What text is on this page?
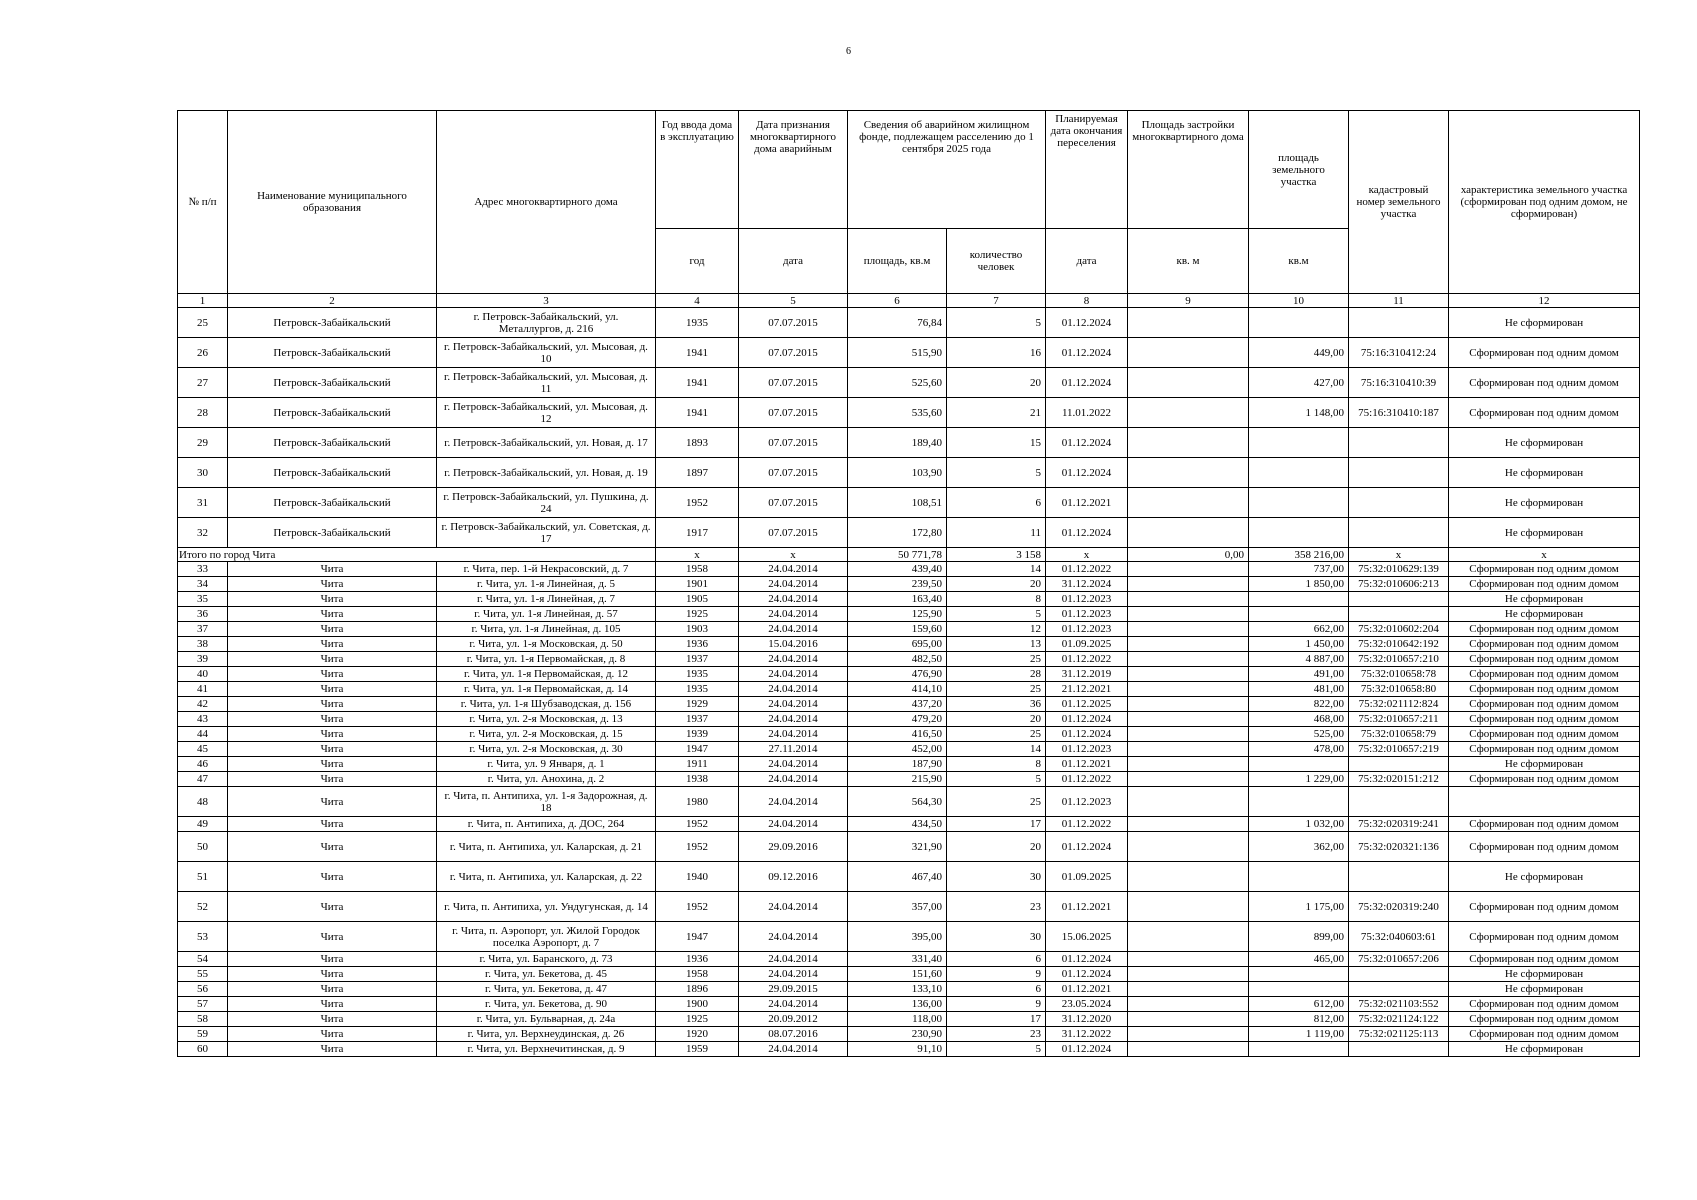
6
№ п/п	Наименование муниципального образования	Адрес многоквартирного дома	Год ввода дома в эксплуатацию	Дата признания многоквартирного дома аварийным	Сведения об аварийном жилищном фонде, подлежащем расселению до 1 сентября 2025 года		Планируемая дата окончания переселения	Площадь застройки многоквартирного дома	площадь земельного участка	кадастровый номер земельного участка	характеристика земельного участка (сформирован под одним домом, не сформирован)
			год	дата	площадь, кв.м	количество человек	дата	кв. м	кв.м		
1	2	3	4	5	6	7	8	9	10	11	12
25	Петровск-Забайкальский	г. Петровск-Забайкальский, ул. Металлургов, д. 216	1935	07.07.2015	76,84	5	01.12.2024				Не сформирован
26	Петровск-Забайкальский	г. Петровск-Забайкальский, ул. Мысовая, д. 10	1941	07.07.2015	515,90	16	01.12.2024		449,00	75:16:310412:24	Сформирован под одним домом
27	Петровск-Забайкальский	г. Петровск-Забайкальский, ул. Мысовая, д. 11	1941	07.07.2015	525,60	20	01.12.2024		427,00	75:16:310410:39	Сформирован под одним домом
28	Петровск-Забайкальский	г. Петровск-Забайкальский, ул. Мысовая, д. 12	1941	07.07.2015	535,60	21	11.01.2022		1 148,00	75:16:310410:187	Сформирован под одним домом
29	Петровск-Забайкальский	г. Петровск-Забайкальский, ул. Новая, д. 17	1893	07.07.2015	189,40	15	01.12.2024				Не сформирован
30	Петровск-Забайкальский	г. Петровск-Забайкальский, ул. Новая, д. 19	1897	07.07.2015	103,90	5	01.12.2024				Не сформирован
31	Петровск-Забайкальский	г. Петровск-Забайкальский, ул. Пушкина, д. 24	1952	07.07.2015	108,51	6	01.12.2021				Не сформирован
32	Петровск-Забайкальский	г. Петровск-Забайкальский, ул. Советская, д. 17	1917	07.07.2015	172,80	11	01.12.2024				Не сформирован
Итого по город Чита			х	х	50 771,78	3 158	х	0,00	358 216,00	х	х
33	Чита	г. Чита, пер. 1-й Некрасовский, д. 7	1958	24.04.2014	439,40	14	01.12.2022		737,00	75:32:010629:139	Сформирован под одним домом
34	Чита	г. Чита, ул. 1-я Линейная, д. 5	1901	24.04.2014	239,50	20	31.12.2024		1 850,00	75:32:010606:213	Сформирован под одним домом
35	Чита	г. Чита, ул. 1-я Линейная, д. 7	1905	24.04.2014	163,40	8	01.12.2023				Не сформирован
36	Чита	г. Чита, ул. 1-я Линейная, д. 57	1925	24.04.2014	125,90	5	01.12.2023				Не сформирован
37	Чита	г. Чита, ул. 1-я Линейная, д. 105	1903	24.04.2014	159,60	12	01.12.2023		662,00	75:32:010602:204	Сформирован под одним домом
38	Чита	г. Чита, ул. 1-я Московская, д. 50	1936	15.04.2016	695,00	13	01.09.2025		1 450,00	75:32:010642:192	Сформирован под одним домом
39	Чита	г. Чита, ул. 1-я Первомайская, д. 8	1937	24.04.2014	482,50	25	01.12.2022		4 887,00	75:32:010657:210	Сформирован под одним домом
40	Чита	г. Чита, ул. 1-я Первомайская, д. 12	1935	24.04.2014	476,90	28	31.12.2019		491,00	75:32:010658:78	Сформирован под одним домом
41	Чита	г. Чита, ул. 1-я Первомайская, д. 14	1935	24.04.2014	414,10	25	21.12.2021		481,00	75:32:010658:80	Сформирован под одним домом
42	Чита	г. Чита, ул. 1-я Шубзаводская, д. 156	1929	24.04.2014	437,20	36	01.12.2025		822,00	75:32:021112:824	Сформирован под одним домом
43	Чита	г. Чита, ул. 2-я Московская, д. 13	1937	24.04.2014	479,20	20	01.12.2024		468,00	75:32:010657:211	Сформирован под одним домом
44	Чита	г. Чита, ул. 2-я Московская, д. 15	1939	24.04.2014	416,50	25	01.12.2024		525,00	75:32:010658:79	Сформирован под одним домом
45	Чита	г. Чита, ул. 2-я Московская, д. 30	1947	27.11.2014	452,00	14	01.12.2023		478,00	75:32:010657:219	Сформирован под одним домом
46	Чита	г. Чита, ул. 9 Января, д. 1	1911	24.04.2014	187,90	8	01.12.2021				Не сформирован
47	Чита	г. Чита, ул. Анохина, д. 2	1938	24.04.2014	215,90	5	01.12.2022		1 229,00	75:32:020151:212	Сформирован под одним домом
48	Чита	г. Чита, п. Антипиха, ул. 1-я Задорожная, д. 18	1980	24.04.2014	564,30	25	01.12.2023				
49	Чита	г. Чита, п. Антипиха, д. ДОС, 264	1952	24.04.2014	434,50	17	01.12.2022		1 032,00	75:32:020319:241	Сформирован под одним домом
50	Чита	г. Чита, п. Антипиха, ул. Каларская, д. 21	1952	29.09.2016	321,90	20	01.12.2024		362,00	75:32:020321:136	Сформирован под одним домом
51	Чита	г. Чита, п. Антипиха, ул. Каларская, д. 22	1940	09.12.2016	467,40	30	01.09.2025				Не сформирован
52	Чита	г. Чита, п. Антипиха, ул. Ундугунская, д. 14	1952	24.04.2014	357,00	23	01.12.2021		1 175,00	75:32:020319:240	Сформирован под одним домом
53	Чита	г. Чита, п. Аэропорт, ул. Жилой Городок поселка Аэропорт, д. 7	1947	24.04.2014	395,00	30	15.06.2025		899,00	75:32:040603:61	Сформирован под одним домом
54	Чита	г. Чита, ул. Баранского, д. 73	1936	24.04.2014	331,40	6	01.12.2024		465,00	75:32:010657:206	Сформирован под одним домом
55	Чита	г. Чита, ул. Бекетова, д. 45	1958	24.04.2014	151,60	9	01.12.2024				Не сформирован
56	Чита	г. Чита, ул. Бекетова, д. 47	1896	29.09.2015	133,10	6	01.12.2021				Не сформирован
57	Чита	г. Чита, ул. Бекетова, д. 90	1900	24.04.2014	136,00	9	23.05.2024		612,00	75:32:021103:552	Сформирован под одним домом
58	Чита	г. Чита, ул. Бульварная, д. 24а	1925	20.09.2012	118,00	17	31.12.2020		812,00	75:32:021124:122	Сформирован под одним домом
59	Чита	г. Чита, ул. Верхнеудинская, д. 26	1920	08.07.2016	230,90	23	31.12.2022		1 119,00	75:32:021125:113	Сформирован под одним домом
60	Чита	г. Чита, ул. Верхнечитинская, д. 9	1959	24.04.2014	91,10	5	01.12.2024				Не сформирован
